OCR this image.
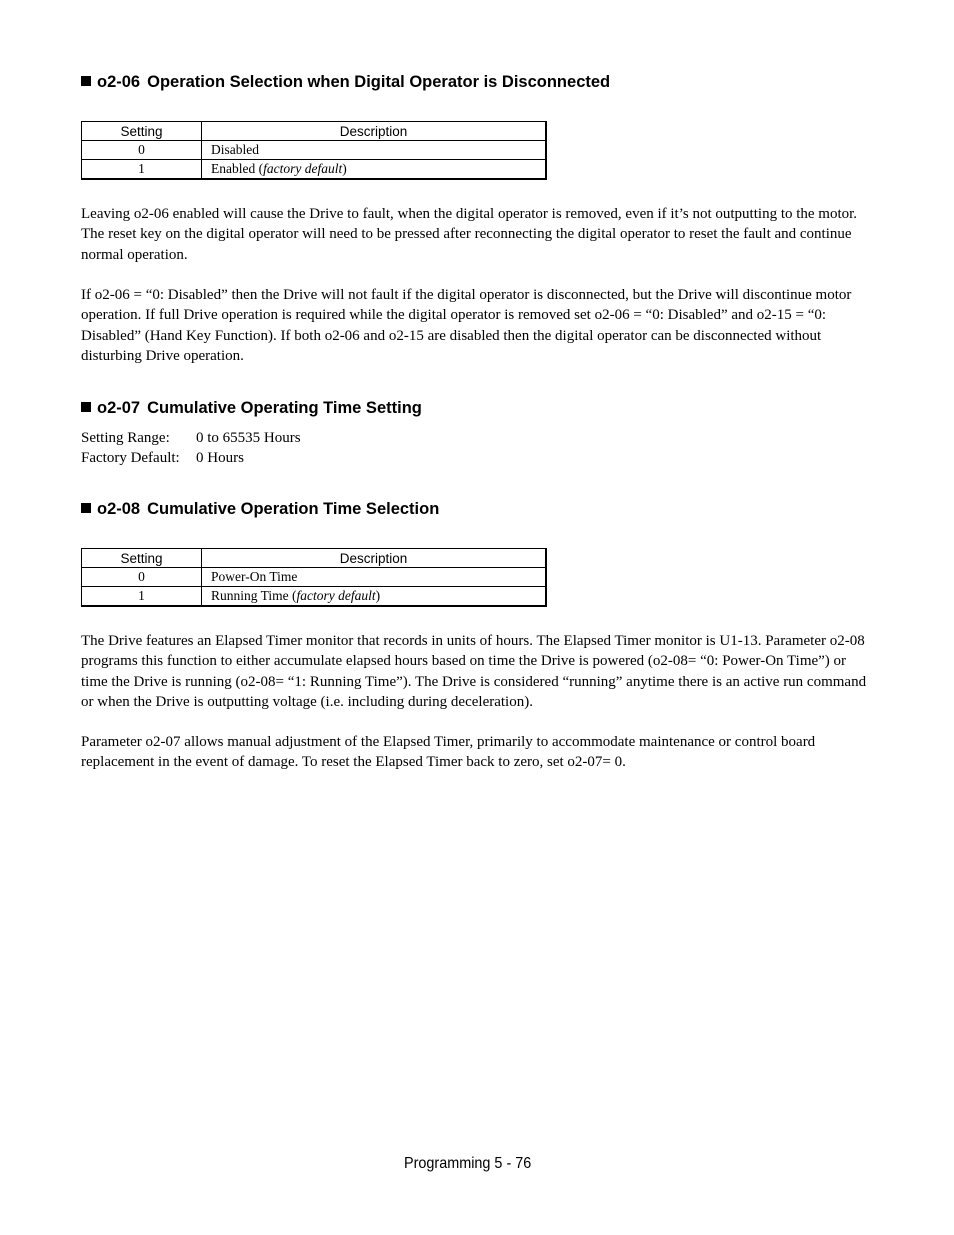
o2-06 Operation Selection when Digital Operator is Disconnected
Setting	Description
0	Disabled
1	Enabled (factory default)

Leaving o2-06 enabled will cause the Drive to fault, when the digital operator is removed, even if it’s not outputting to the motor. The reset key on the digital operator will need to be pressed after reconnecting the digital operator to reset the fault and continue normal operation.

If o2-06 = “0: Disabled” then the Drive will not fault if the digital operator is disconnected, but the Drive will discontinue motor operation. If full Drive operation is required while the digital operator is removed set o2-06 = “0: Disabled” and o2-15 = “0: Disabled” (Hand Key Function). If both o2-06 and o2-15 are disabled then the digital operator can be disconnected without disturbing Drive operation.

o2-07 Cumulative Operating Time Setting
Setting Range:	0 to 65535 Hours
Factory Default:	0 Hours
o2-08 Cumulative Operation Time Selection
Setting	Description
0	Power-On Time
1	Running Time (factory default)

The Drive features an Elapsed Timer monitor that records in units of hours. The Elapsed Timer monitor is U1-13. Parameter o2-08 programs this function to either accumulate elapsed hours based on time the Drive is powered (o2-08= “0: Power-On Time”) or time the Drive is running (o2-08= “1: Running Time”). The Drive is considered “running” anytime there is an active run command or when the Drive is outputting voltage (i.e. including during deceleration).

Parameter o2-07 allows manual adjustment of the Elapsed Timer, primarily to accommodate maintenance or control board replacement in the event of damage. To reset the Elapsed Timer back to zero, set o2-07= 0.

Programming 5 - 76
